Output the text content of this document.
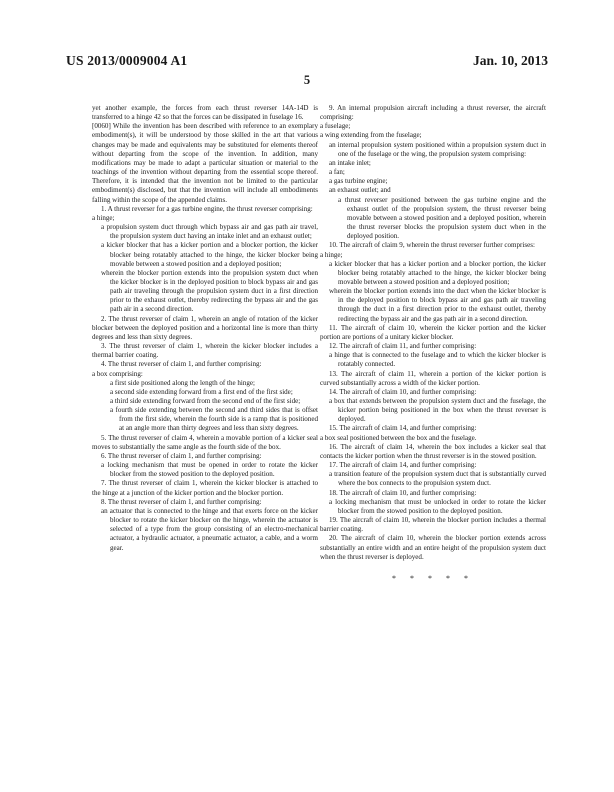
US 2013/0009004 A1	Jan. 10, 2013
5

yet another example, the forces from each thrust reverser 14A-14D is transferred to a hinge 42 so that the forces can be dissipated in fuselage 16.

[0060] While the invention has been described with reference to an exemplary embodiment(s), it will be understood by those skilled in the art that various changes may be made and equivalents may be substituted for elements thereof without departing from the scope of the invention. In addition, many modifications may be made to adapt a particular situation or material to the teachings of the invention without departing from the essential scope thereof. Therefore, it is intended that the invention not be limited to the particular embodiment(s) disclosed, but that the invention will include all embodiments falling within the scope of the appended claims.

1. A thrust reverser for a gas turbine engine, the thrust reverser comprising:

a hinge;

a propulsion system duct through which bypass air and gas path air travel, the propulsion system duct having an intake inlet and an exhaust outlet;

a kicker blocker that has a kicker portion and a blocker portion, the kicker blocker being rotatably attached to the hinge, the kicker blocker being movable between a stowed position and a deployed position;

wherein the blocker portion extends into the propulsion system duct when the kicker blocker is in the deployed position to block bypass air and gas path air traveling through the propulsion system duct in a first direction prior to the exhaust outlet, thereby redirecting the bypass air and the gas path air in a second direction.

2. The thrust reverser of claim 1, wherein an angle of rotation of the kicker blocker between the deployed position and a horizontal line is more than thirty degrees and less than sixty degrees.

3. The thrust reverser of claim 1, wherein the kicker blocker includes a thermal barrier coating.

4. The thrust reverser of claim 1, and further comprising:

a box comprising:

a first side positioned along the length of the hinge;

a second side extending forward from a first end of the first side;

a third side extending forward from the second end of the first side;

a fourth side extending between the second and third sides that is offset from the first side, wherein the fourth side is a ramp that is positioned at an angle more than thirty degrees and less than sixty degrees.

5. The thrust reverser of claim 4, wherein a movable portion of a kicker seal moves to substantially the same angle as the fourth side of the box.

6. The thrust reverser of claim 1, and further comprising:

a locking mechanism that must be opened in order to rotate the kicker blocker from the stowed position to the deployed position.

7. The thrust reverser of claim 1, wherein the kicker blocker is attached to the hinge at a junction of the kicker portion and the blocker portion.

8. The thrust reverser of claim 1, and further comprising:

an actuator that is connected to the hinge and that exerts force on the kicker blocker to rotate the kicker blocker on the hinge, wherein the actuator is selected of a type from the group consisting of an electro-mechanical actuator, a hydraulic actuator, a pneumatic actuator, a cable, and a worm gear.

9. An internal propulsion aircraft including a thrust reverser, the aircraft comprising:

a fuselage;

a wing extending from the fuselage;

an internal propulsion system positioned within a propulsion system duct in one of the fuselage or the wing, the propulsion system comprising:

an intake inlet;

a fan;

a gas turbine engine;

an exhaust outlet; and

a thrust reverser positioned between the gas turbine engine and the exhaust outlet of the propulsion system, the thrust reverser being movable between a stowed position and a deployed position, wherein the thrust reverser blocks the propulsion system duct when in the deployed position.

10. The aircraft of claim 9, wherein the thrust reverser further comprises:

a hinge;

a kicker blocker that has a kicker portion and a blocker portion, the kicker blocker being rotatably attached to the hinge, the kicker blocker being movable between a stowed position and a deployed position;

wherein the blocker portion extends into the duct when the kicker blocker is in the deployed position to block bypass air and gas path air traveling through the duct in a first direction prior to the exhaust outlet, thereby redirecting the bypass air and the gas path air in a second direction.

11. The aircraft of claim 10, wherein the kicker portion and the kicker portion are portions of a unitary kicker blocker.

12. The aircraft of claim 11, and further comprising:

a hinge that is connected to the fuselage and to which the kicker blocker is rotatably connected.

13. The aircraft of claim 11, wherein a portion of the kicker portion is curved substantially across a width of the kicker portion.

14. The aircraft of claim 10, and further comprising:

a box that extends between the propulsion system duct and the fuselage, the kicker portion being positioned in the box when the thrust reverser is deployed.

15. The aircraft of claim 14, and further comprising:

a box seal positioned between the box and the fuselage.

16. The aircraft of claim 14, wherein the box includes a kicker seal that contacts the kicker portion when the thrust reverser is in the stowed position.

17. The aircraft of claim 14, and further comprising:

a transition feature of the propulsion system duct that is substantially curved where the box connects to the propulsion system duct.

18. The aircraft of claim 10, and further comprising:

a locking mechanism that must be unlocked in order to rotate the kicker blocker from the stowed position to the deployed position.

19. The aircraft of claim 10, wherein the blocker portion includes a thermal barrier coating.

20. The aircraft of claim 10, wherein the blocker portion extends across substantially an entire width and an entire height of the propulsion system duct when the thrust reverser is deployed.

* * * * *
